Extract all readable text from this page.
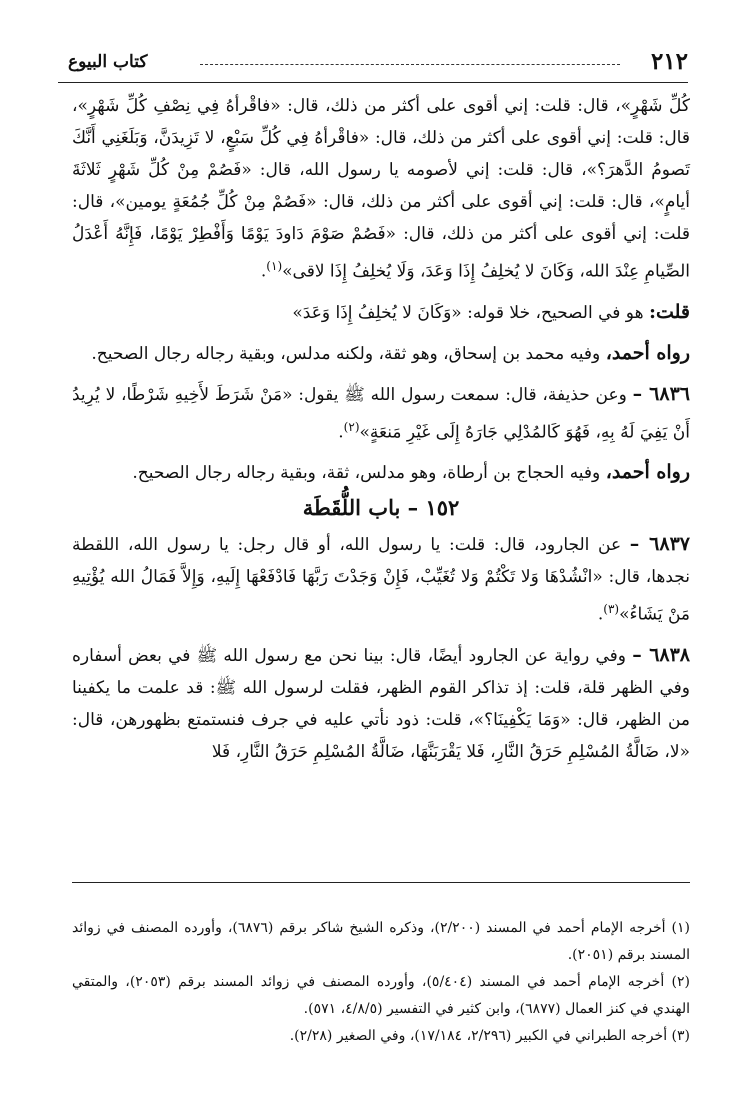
٢١٢
كتاب البيوع

كُلِّ شَهْرٍ»، قال: قلت: إني أقوى على أكثر من ذلك، قال: «فاقْرأهُ فِي نِصْفِ كُلِّ شَهْرٍ»، قال: قلت: إني أقوى على أكثر من ذلك، قال: «فاقْرأهُ فِي كُلِّ سَبْعٍ، لا تَزِيدَنَّ، وَبَلَغَنِي أَنَّكَ تَصومُ الدَّهرَ؟»، قال: قلت: إني لأصومه يا رسول الله، قال: «فَصُمْ مِنْ كُلِّ شَهْرٍ ثَلاثَةَ أيامٍ»، قال: قلت: إني أقوى على أكثر من ذلك، قال: «فَصُمْ مِنْ كُلِّ جُمُعَةٍ يومين»، قال: قلت: إني أقوى على أكثر من ذلك، قال: «فَصُمْ صَوْمَ دَاودَ يَوْمًا وَأَفْطِرْ يَوْمًا، فَإِنَّهُ أَعْدَلُ الصِّيامِ عِنْدَ الله، وَكَانَ لا يُخلِفُ إِذَا وَعَدَ، وَلَا يُخلِفُ إِذَا لاقى»$^{(١)}$.

قلت: هو في الصحيح، خلا قوله: «وَكَانَ لا يُخلِفُ إِذَا وَعَدَ»

رواه أحمد، وفيه محمد بن إسحاق، وهو ثقة، ولكنه مدلس، وبقية رجاله رجال الصحيح.

٦٨٣٦ – وعن حذيفة، قال: سمعت رسول الله ﷺ يقول: «مَنْ شَرَطَ لأَخِيهِ شَرْطًا، لا يُرِيدُ أَنْ يَفِيَ لَهُ بِهِ، فَهُوَ كَالمُدْلِي جَارَهُ إِلَى غَيْرِ مَنعَةٍ»$^{(٢)}$.

رواه أحمد، وفيه الحجاج بن أرطاة، وهو مدلس، ثقة، وبقية رجاله رجال الصحيح.

١٥٢ – باب اللُّقَطَة

٦٨٣٧ – عن الجارود، قال: قلت: يا رسول الله، أو قال رجل: يا رسول الله، اللقطة نجدها، قال: «انْشُدْهَا وَلا تَكْتُمْ وَلا تُغَيِّبْ، فَإِنْ وَجَدْتَ رَبَّهَا فَادْفَعْهَا إِلَيهِ، وَإِلاَّ فَمَالُ الله يُؤْتِيهِ مَنْ يَشَاءُ»$^{(٣)}$.

٦٨٣٨ – وفي رواية عن الجارود أيضًا، قال: بينا نحن مع رسول الله ﷺ في بعض أسفاره وفي الظهر قلة، قلت: إذ تذاكر القوم الظهر، فقلت لرسول الله ﷺ: قد علمت ما يكفينا من الظهر، قال: «وَمَا يَكْفِينَا؟»، قلت: ذود نأتي عليه في جرف فنستمتع بظهورهن، قال: «لا، ضَالَّةُ المُسْلِمِ حَرَقُ النَّارِ، فَلا يَقْرَبَنَّهَا، ضَالَّةُ المُسْلِمِ حَرَقُ النَّارِ، فَلا

(١) أخرجه الإمام أحمد في المسند (٢/٢٠٠)، وذكره الشيخ شاكر برقم (٦٨٧٦)، وأورده المصنف في زوائد المسند برقم (٢٠٥١).

(٢) أخرجه الإمام أحمد في المسند (٥/٤٠٤)، وأورده المصنف في زوائد المسند برقم (٢٠٥٣)، والمتقي الهندي في كنز العمال (٦٨٧٧)، وابن كثير في التفسير (٤/٨/٥، ٥٧١).

(٣) أخرجه الطبراني في الكبير (٢/٢٩٦، ١٧/١٨٤)، وفي الصغير (٢/٢٨).
